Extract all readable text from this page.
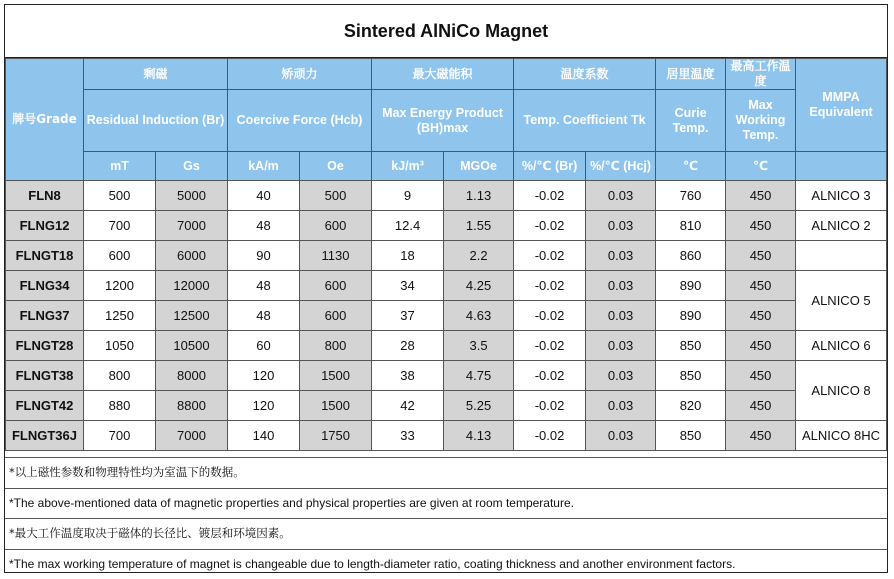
Sintered AlNiCo Magnet
牌号Grade	剩磁		矫顽力		最大磁能积		温度系数		居里温度	最高工作温度	MMPA Equivalent
	Residual Induction (Br)		Coercive Force (Hcb)		Max Energy Product (BH)max		Temp. Coefficient Tk		Curie Temp.	Max Working Temp.	
	mT	Gs	kA/m	Oe	kJ/m³	MGOe	%/℃ (Br)	%/℃ (Hcj)	℃	℃	
FLN8	500	5000	40	500	9	1.13	-0.02	0.03	760	450	ALNICO 3
FLNG12	700	7000	48	600	12.4	1.55	-0.02	0.03	810	450	ALNICO 2
FLNGT18	600	6000	90	1130	18	2.2	-0.02	0.03	860	450	
FLNG34	1200	12000	48	600	34	4.25	-0.02	0.03	890	450	ALNICO 5
FLNG37	1250	12500	48	600	37	4.63	-0.02	0.03	890	450	
FLNGT28	1050	10500	60	800	28	3.5	-0.02	0.03	850	450	ALNICO 6
FLNGT38	800	8000	120	1500	38	4.75	-0.02	0.03	850	450	ALNICO 8
FLNGT42	880	8800	120	1500	42	5.25	-0.02	0.03	820	450	
FLNGT36J	700	7000	140	1750	33	4.13	-0.02	0.03	850	450	ALNICO 8HC
*以上磁性参数和物理特性均为室温下的数据。
*The above-mentioned data of magnetic properties and physical properties are given at room temperature.
*最大工作温度取决于磁体的长径比、镀层和环境因素。
*The max working temperature of magnet is changeable due to length-diameter ratio, coating thickness and another environment factors.
